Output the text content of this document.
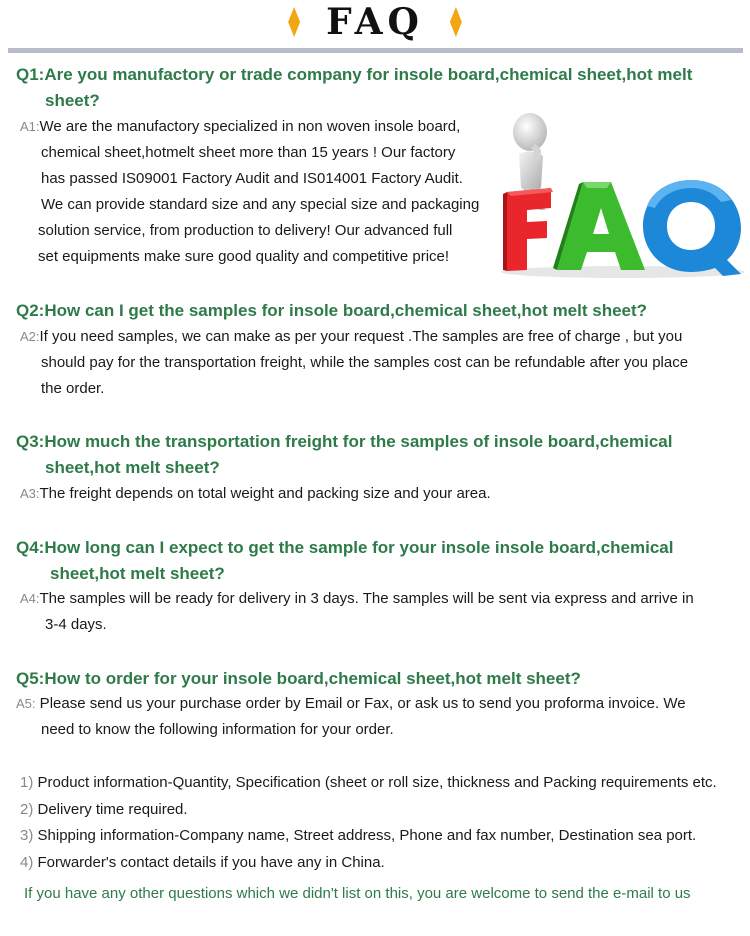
FAQ
Q1:Are you manufactory or trade company for insole board,chemical sheet,hot melt
sheet?
A1:We are the manufactory specialized in non woven insole board,
chemical sheet,hotmelt sheet more than 15 years ! Our factory
has passed IS09001 Factory Audit and IS014001 Factory Audit.
We can provide standard size and any special size and packaging
solution service, from production to delivery! Our advanced full
set equipments make sure good quality and competitive price!
Q2:How can I get the samples for insole board,chemical sheet,hot melt sheet?
A2:If you need samples, we can make as per your request .The samples are free of charge , but you
should pay for the transportation freight, while the samples cost can be refundable after you place
the order.
Q3:How much the transportation freight for the samples of insole board,chemical
sheet,hot melt sheet?
A3:The freight depends on total weight and packing size and your area.
Q4:How long can I expect to get the sample for your insole insole board,chemical
sheet,hot melt sheet?
A4:The samples will be ready for delivery in 3 days. The samples will be sent via express and arrive in
3-4 days.
Q5:How to order for your insole board,chemical sheet,hot melt sheet?
A5: Please send us your purchase order by Email or Fax, or ask us to send you proforma invoice. We
need to know the following information for your order.
1) Product information-Quantity, Specification (sheet or roll size, thickness and Packing requirements etc.
2) Delivery time required.
3) Shipping information-Company name, Street address, Phone and fax number, Destination sea port.
4) Forwarder's contact details if you have any in China.
If you have any other questions which we didn't list on this, you are welcome to send the e-mail to us
